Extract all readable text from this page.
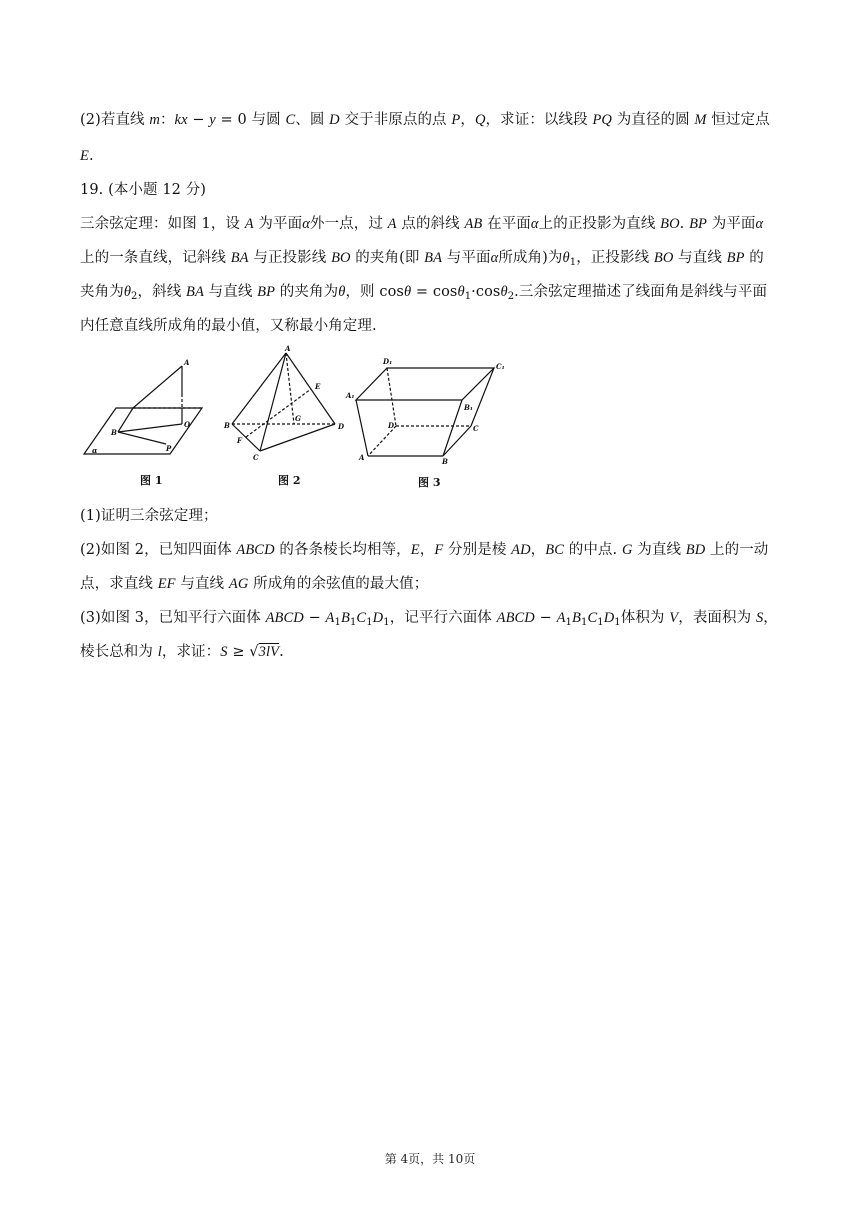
(2)若直线 m：kx − y = 0 与圆 C、圆 D 交于非原点的点 P，Q，求证：以线段 PQ 为直径的圆 M 恒过定点
E.
19. (本小题 12 分)
三余弦定理：如图 1，设 A 为平面α外一点，过 A 点的斜线 AB 在平面α上的正投影为直线 BO. BP 为平面α
上的一条直线，记斜线 BA 与正投影线 BO 的夹角(即 BA 与平面α所成角)为$\theta_1$，正投影线 BO 与直线 BP 的
夹角为$\theta_2$，斜线 BA 与直线 BP 的夹角为θ，则 cosθ = cosθ$_1$·cosθ$_2$.三余弦定理描述了线面角是斜线与平面
内任意直线所成角的最小值，又称最小角定理.
(1)证明三余弦定理；
(2)如图 2，已知四面体 ABCD 的各条棱长均相等，E，F 分别是棱 AD，BC 的中点. G 为直线 BD 上的一动
点，求直线 EF 与直线 AG 所成角的余弦值的最大值；
(3)如图 3，已知平行六面体 ABCD − $A_1B_1C_1D_1$，记平行六面体 ABCD − $A_1B_1C_1D_1$体积为 V，表面积为 S，
棱长总和为 l，求证：S ≥ √3lV.
A
B
O
P
α
A
B
C
D
E
F
G
D₁
C₁
A₁
B₁
D	C
A	B
图 1	图 2	图 3
第 4页，共 10页
